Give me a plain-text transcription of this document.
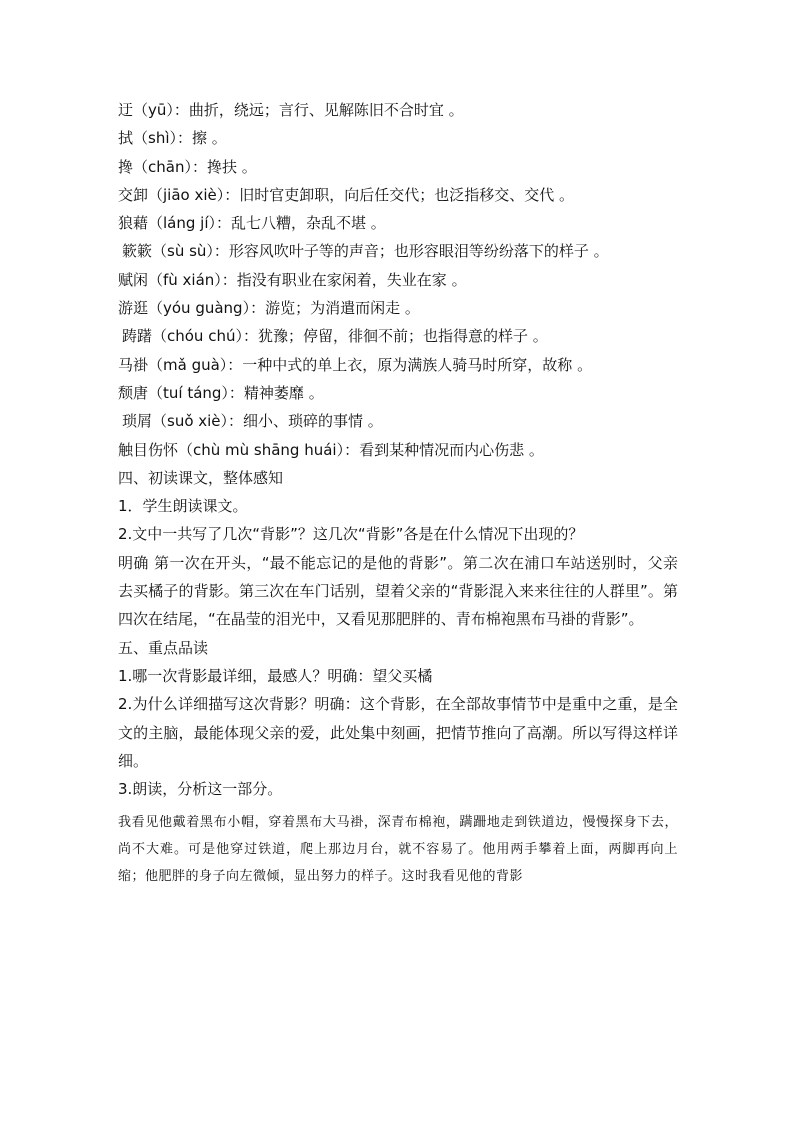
迂（yū）：曲折，绕远；言行、见解陈旧不合时宜 。
拭（shì）：擦 。
搀（chān）：搀扶 。
交卸（jiāo xiè）：旧时官吏卸职，向后任交代；也泛指移交、交代 。
狼藉（láng jí）：乱七八糟，杂乱不堪 。
簌簌（sù sù）：形容风吹叶子等的声音；也形容眼泪等纷纷落下的样子 。
赋闲（fù xián）：指没有职业在家闲着，失业在家 。
游逛（yóu guàng）：游览；为消遣而闲走 。
踌躇（chóu chú）：犹豫；停留，徘徊不前；也指得意的样子 。
马褂（mǎ guà）：一种中式的单上衣，原为满族人骑马时所穿，故称 。
颓唐（tuí táng）：精神萎靡 。
琐屑（suǒ xiè）：细小、琐碎的事情 。
触目伤怀（chù mù shāng huái）：看到某种情况而内心伤悲 。
四、初读课文，整体感知
1．学生朗读课文。
2.文中一共写了几次“背影”？这几次“背影”各是在什么情况下出现的？
明确 第一次在开头，“最不能忘记的是他的背影”。第二次在浦口车站送别时，父亲去买橘子的背影。第三次在车门话别，望着父亲的“背影混入来来往往的人群里”。第四次在结尾，“在晶莹的泪光中，又看见那肥胖的、青布棉袍黑布马褂的背影”。
五、重点品读
1.哪一次背影最详细，最感人？明确：望父买橘
2.为什么详细描写这次背影？明确：这个背影，在全部故事情节中是重中之重，是全文的主脑，最能体现父亲的爱，此处集中刻画，把情节推向了高潮。所以写得这样详细。
3.朗读，分析这一部分。
我看见他戴着黑布小帽，穿着黑布大马褂，深青布棉袍，蹒跚地走到铁道边，慢慢探身下去，尚不大难。可是他穿过铁道，爬上那边月台，就不容易了。他用两手攀着上面，两脚再向上缩；他肥胖的身子向左微倾，显出努力的样子。这时我看见他的背影
